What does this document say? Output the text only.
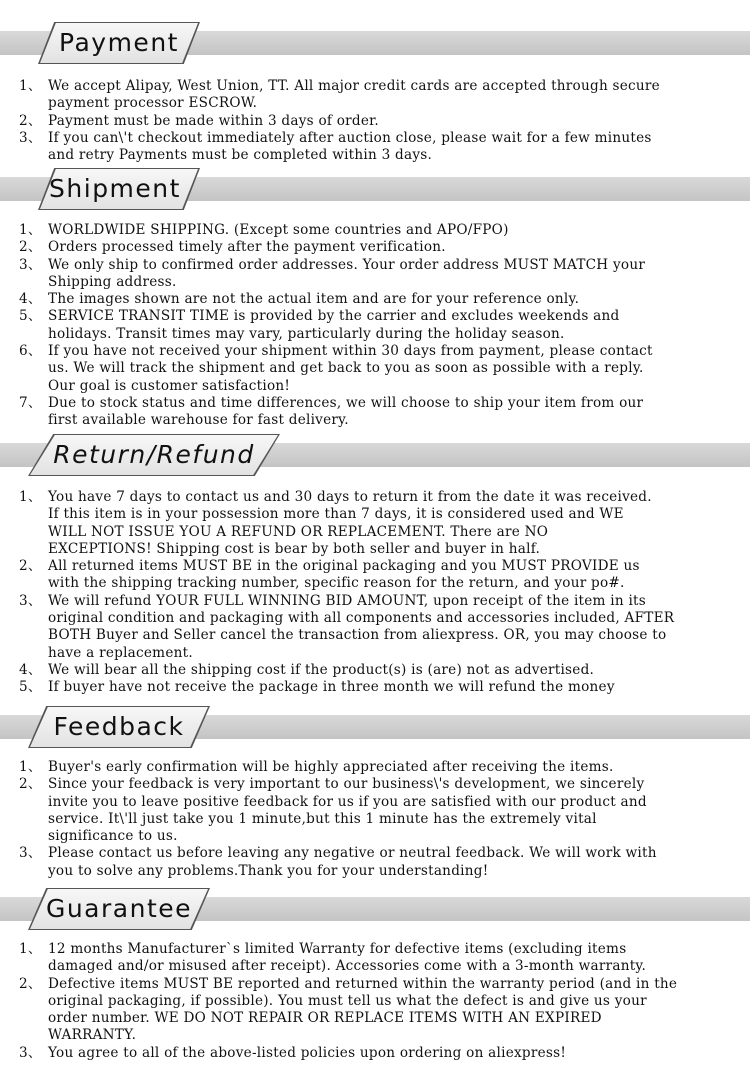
Payment
1、 We accept Alipay, West Union, TT. All major credit cards are accepted through secure
payment processor ESCROW.
2、 Payment must be made within 3 days of order.
3、 If you can\'t checkout immediately after auction close, please wait for a few minutes
and retry Payments must be completed within 3 days.
Shipment
1、 WORLDWIDE SHIPPING. (Except some countries and APO/FPO)
2、 Orders processed timely after the payment verification.
3、 We only ship to confirmed order addresses. Your order address MUST MATCH your
Shipping address.
4、 The images shown are not the actual item and are for your reference only.
5、 SERVICE TRANSIT TIME is provided by the carrier and excludes weekends and
holidays. Transit times may vary, particularly during the holiday season.
6、 If you have not received your shipment within 30 days from payment, please contact
us. We will track the shipment and get back to you as soon as possible with a reply.
Our goal is customer satisfaction!
7、 Due to stock status and time differences, we will choose to ship your item from our
first available warehouse for fast delivery.
Return/Refund
1、 You have 7 days to contact us and 30 days to return it from the date it was received.
If this item is in your possession more than 7 days, it is considered used and WE
WILL NOT ISSUE YOU A REFUND OR REPLACEMENT. There are NO
EXCEPTIONS! Shipping cost is bear by both seller and buyer in half.
2、 All returned items MUST BE in the original packaging and you MUST PROVIDE us
with the shipping tracking number, specific reason for the return, and your po#.
3、 We will refund YOUR FULL WINNING BID AMOUNT, upon receipt of the item in its
original condition and packaging with all components and accessories included, AFTER
BOTH Buyer and Seller cancel the transaction from aliexpress. OR, you may choose to
have a replacement.
4、 We will bear all the shipping cost if the product(s) is (are) not as advertised.
5、 If buyer have not receive the package in three month we will refund the money
Feedback
1、 Buyer's early confirmation will be highly appreciated after receiving the items.
2、 Since your feedback is very important to our business\'s development, we sincerely
invite you to leave positive feedback for us if you are satisfied with our product and
service. It\'ll just take you 1 minute,but this 1 minute has the extremely vital
significance to us.
3、 Please contact us before leaving any negative or neutral feedback. We will work with
you to solve any problems.Thank you for your understanding!
Guarantee
1、 12 months Manufacturer`s limited Warranty for defective items (excluding items
damaged and/or misused after receipt). Accessories come with a 3-month warranty.
2、 Defective items MUST BE reported and returned within the warranty period (and in the
original packaging, if possible). You must tell us what the defect is and give us your
order number. WE DO NOT REPAIR OR REPLACE ITEMS WITH AN EXPIRED
WARRANTY.
3、 You agree to all of the above-listed policies upon ordering on aliexpress!
